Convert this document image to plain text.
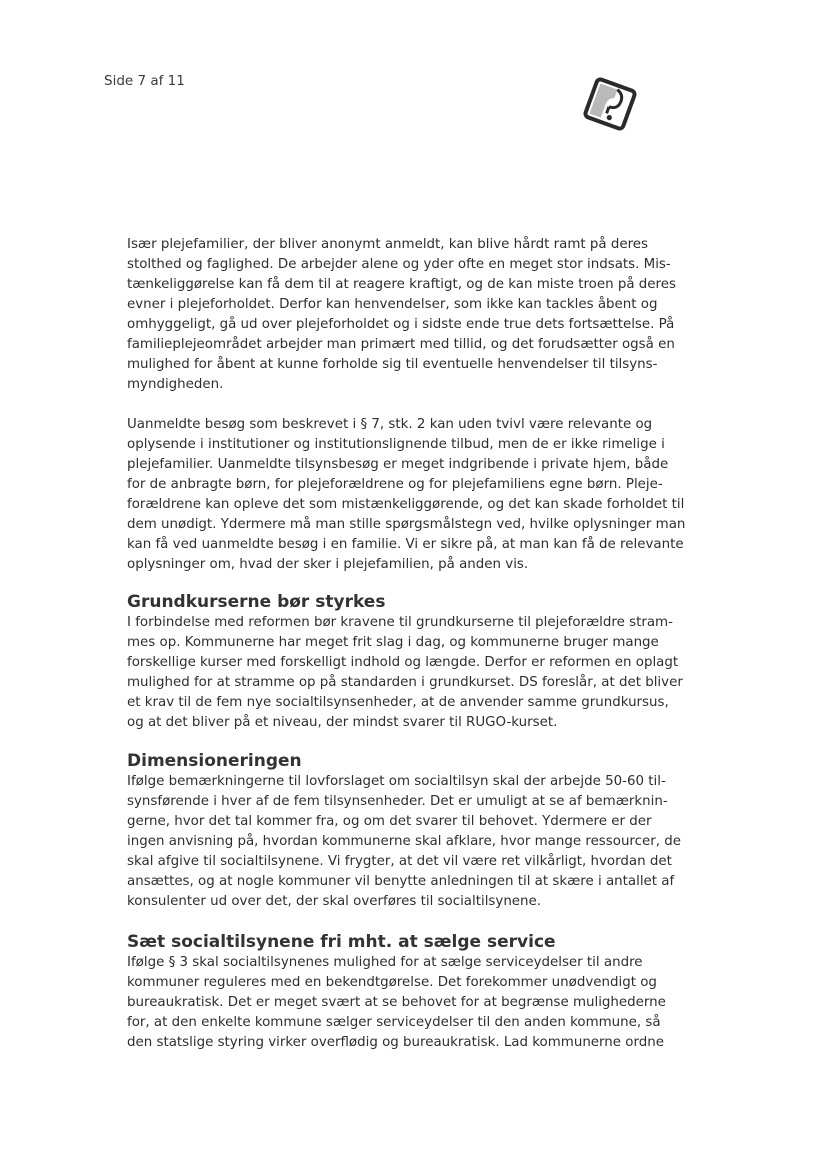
Side 7 af 11

Især plejefamilier, der bliver anonymt anmeldt, kan blive hårdt ramt på deres
stolthed og faglighed. De arbejder alene og yder ofte en meget stor indsats. Mis-
tænkeliggørelse kan få dem til at reagere kraftigt, og de kan miste troen på deres
evner i plejeforholdet. Derfor kan henvendelser, som ikke kan tackles åbent og
omhyggeligt, gå ud over plejeforholdet og i sidste ende true dets fortsættelse. På
familieplejeområdet arbejder man primært med tillid, og det forudsætter også en
mulighed for åbent at kunne forholde sig til eventuelle henvendelser til tilsyns-
myndigheden.

Uanmeldte besøg som beskrevet i § 7, stk. 2 kan uden tvivl være relevante og
oplysende i institutioner og institutionslignende tilbud, men de er ikke rimelige i
plejefamilier. Uanmeldte tilsynsbesøg er meget indgribende i private hjem, både
for de anbragte børn, for plejeforældrene og for plejefamiliens egne børn. Pleje-
forældrene kan opleve det som mistænkeliggørende, og det kan skade forholdet til
dem unødigt. Ydermere må man stille spørgsmålstegn ved, hvilke oplysninger man
kan få ved uanmeldte besøg i en familie. Vi er sikre på, at man kan få de relevante
oplysninger om, hvad der sker i plejefamilien, på anden vis.

Grundkurserne bør styrkes

I forbindelse med reformen bør kravene til grundkurserne til plejeforældre stram-
mes op. Kommunerne har meget frit slag i dag, og kommunerne bruger mange
forskellige kurser med forskelligt indhold og længde. Derfor er reformen en oplagt
mulighed for at stramme op på standarden i grundkurset. DS foreslår, at det bliver
et krav til de fem nye socialtilsynsenheder, at de anvender samme grundkursus,
og at det bliver på et niveau, der mindst svarer til RUGO-kurset.

Dimensioneringen

Ifølge bemærkningerne til lovforslaget om socialtilsyn skal der arbejde 50-60 til-
synsførende i hver af de fem tilsynsenheder. Det er umuligt at se af bemærknin-
gerne, hvor det tal kommer fra, og om det svarer til behovet. Ydermere er der
ingen anvisning på, hvordan kommunerne skal afklare, hvor mange ressourcer, de
skal afgive til socialtilsynene. Vi frygter, at det vil være ret vilkårligt, hvordan det
ansættes, og at nogle kommuner vil benytte anledningen til at skære i antallet af
konsulenter ud over det, der skal overføres til socialtilsynene.

Sæt socialtilsynene fri mht. at sælge service

Ifølge § 3 skal socialtilsynenes mulighed for at sælge serviceydelser til andre
kommuner reguleres med en bekendtgørelse. Det forekommer unødvendigt og
bureaukratisk. Det er meget svært at se behovet for at begrænse mulighederne
for, at den enkelte kommune sælger serviceydelser til den anden kommune, så
den statslige styring virker overflødig og bureaukratisk. Lad kommunerne ordne
